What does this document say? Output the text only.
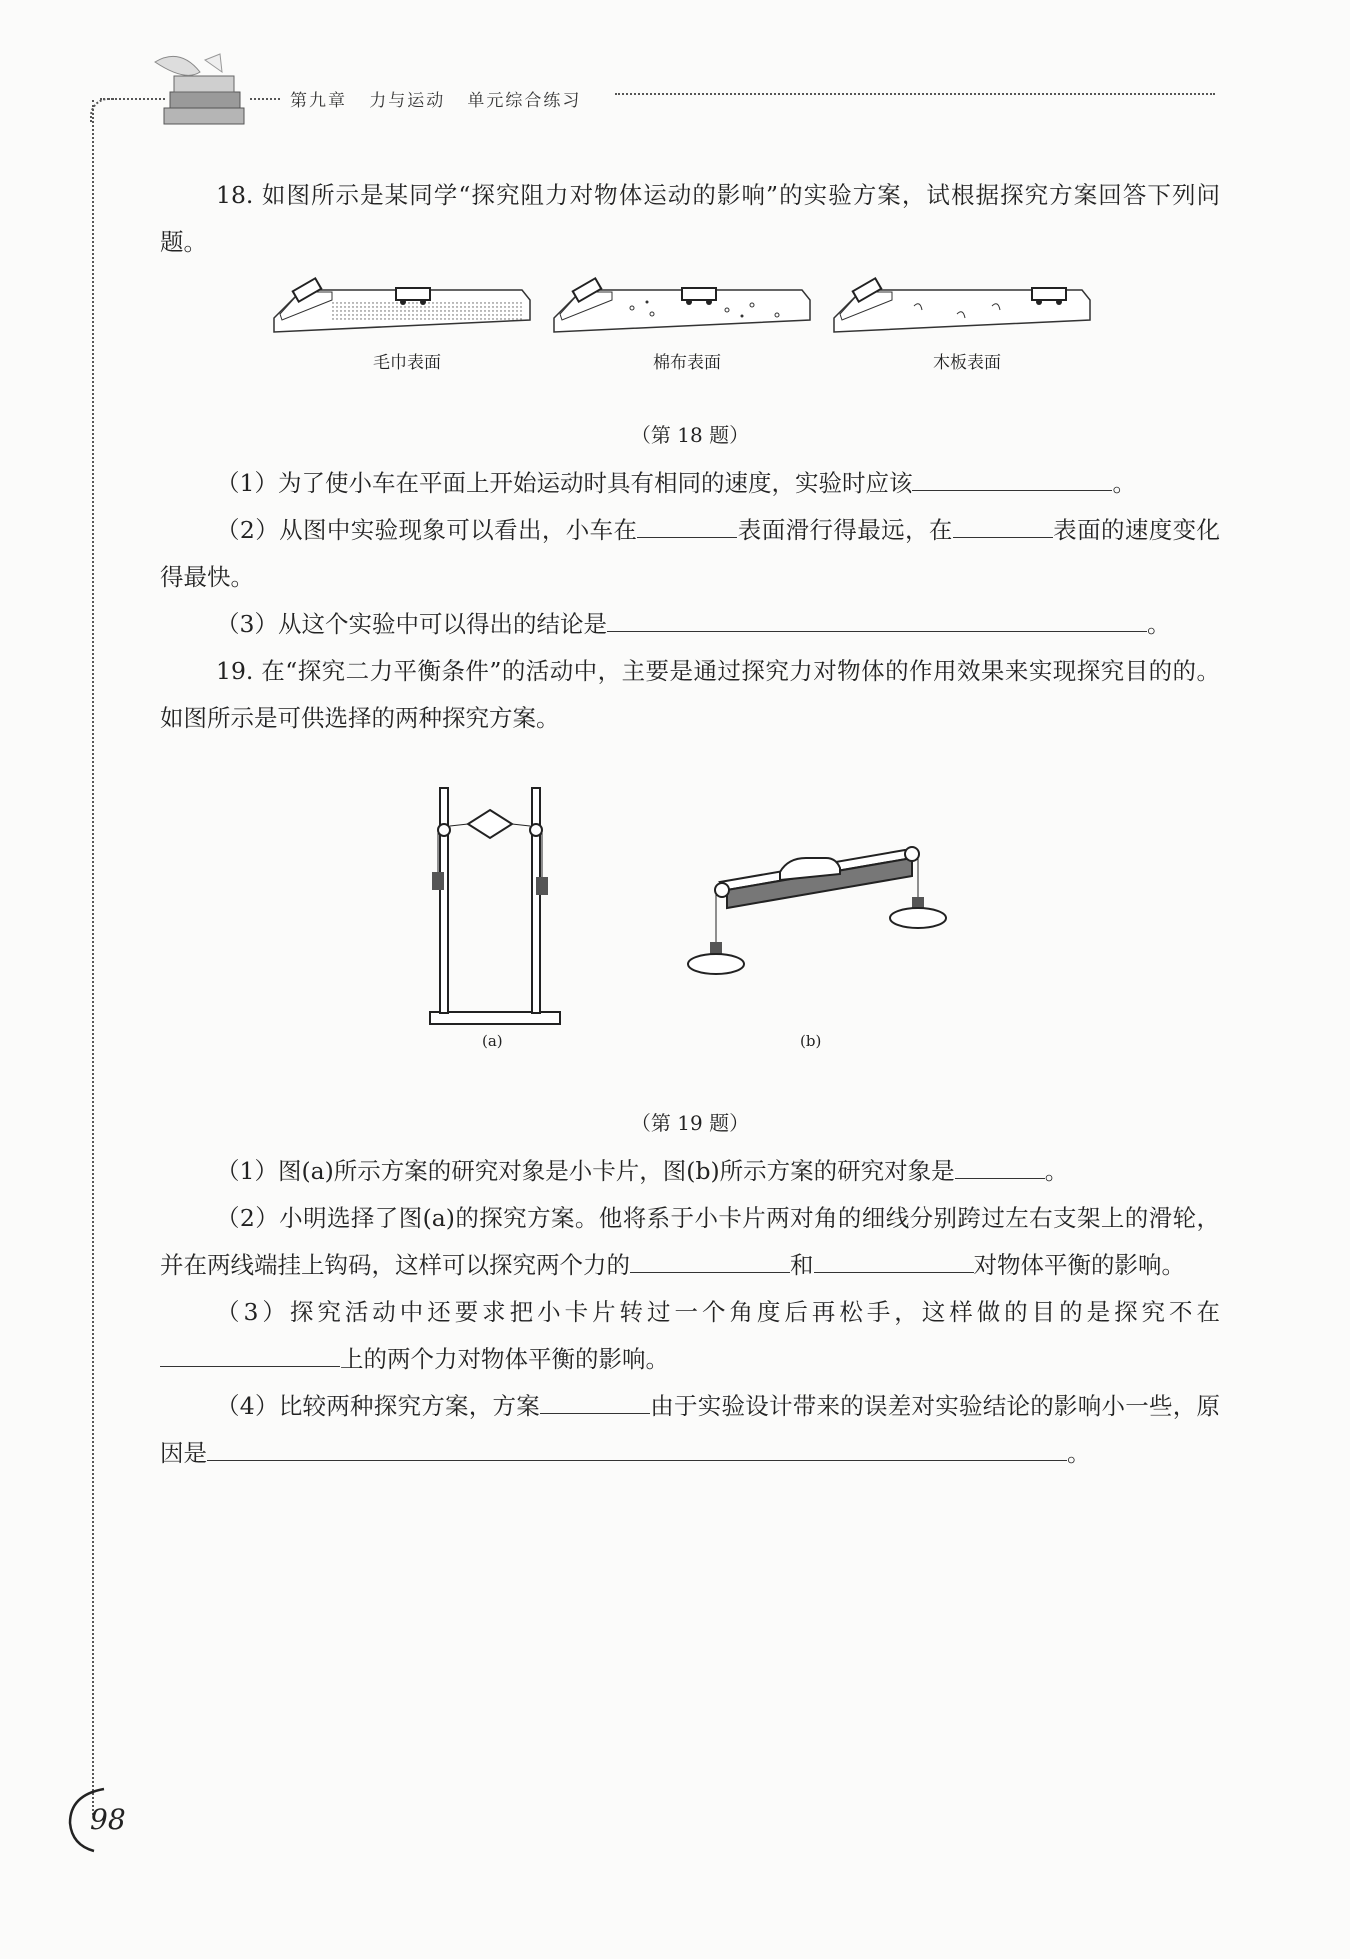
第九章   力与运动   单元综合练习

18. 如图所示是某同学“探究阻力对物体运动的影响”的实验方案，试根据探究方案回答下列问题。

毛巾表面	棉布表面	木板表面

（第 18 题）

（1）为了使小车在平面上开始运动时具有相同的速度，实验时应该	。

（2）从图中实验现象可以看出，小车在	表面滑行得最远，在	表面的速度变化得最快。

（3）从这个实验中可以得出的结论是	。

19. 在“探究二力平衡条件”的活动中，主要是通过探究力对物体的作用效果来实现探究目的的。如图所示是可供选择的两种探究方案。

(a)	(b)

（第 19 题）

（1）图(a)所示方案的研究对象是小卡片，图(b)所示方案的研究对象是	。

（2）小明选择了图(a)的探究方案。他将系于小卡片两对角的细线分别跨过左右支架上的滑轮，并在两线端挂上钩码，这样可以探究两个力的	和	对物体平衡的影响。

（3）探究活动中还要求把小卡片转过一个角度后再松手，这样做的目的是探究不在上的两个力对物体平衡的影响。

（4）比较两种探究方案，方案	由于实验设计带来的误差对实验结论的影响小一些，原因是	。

98
